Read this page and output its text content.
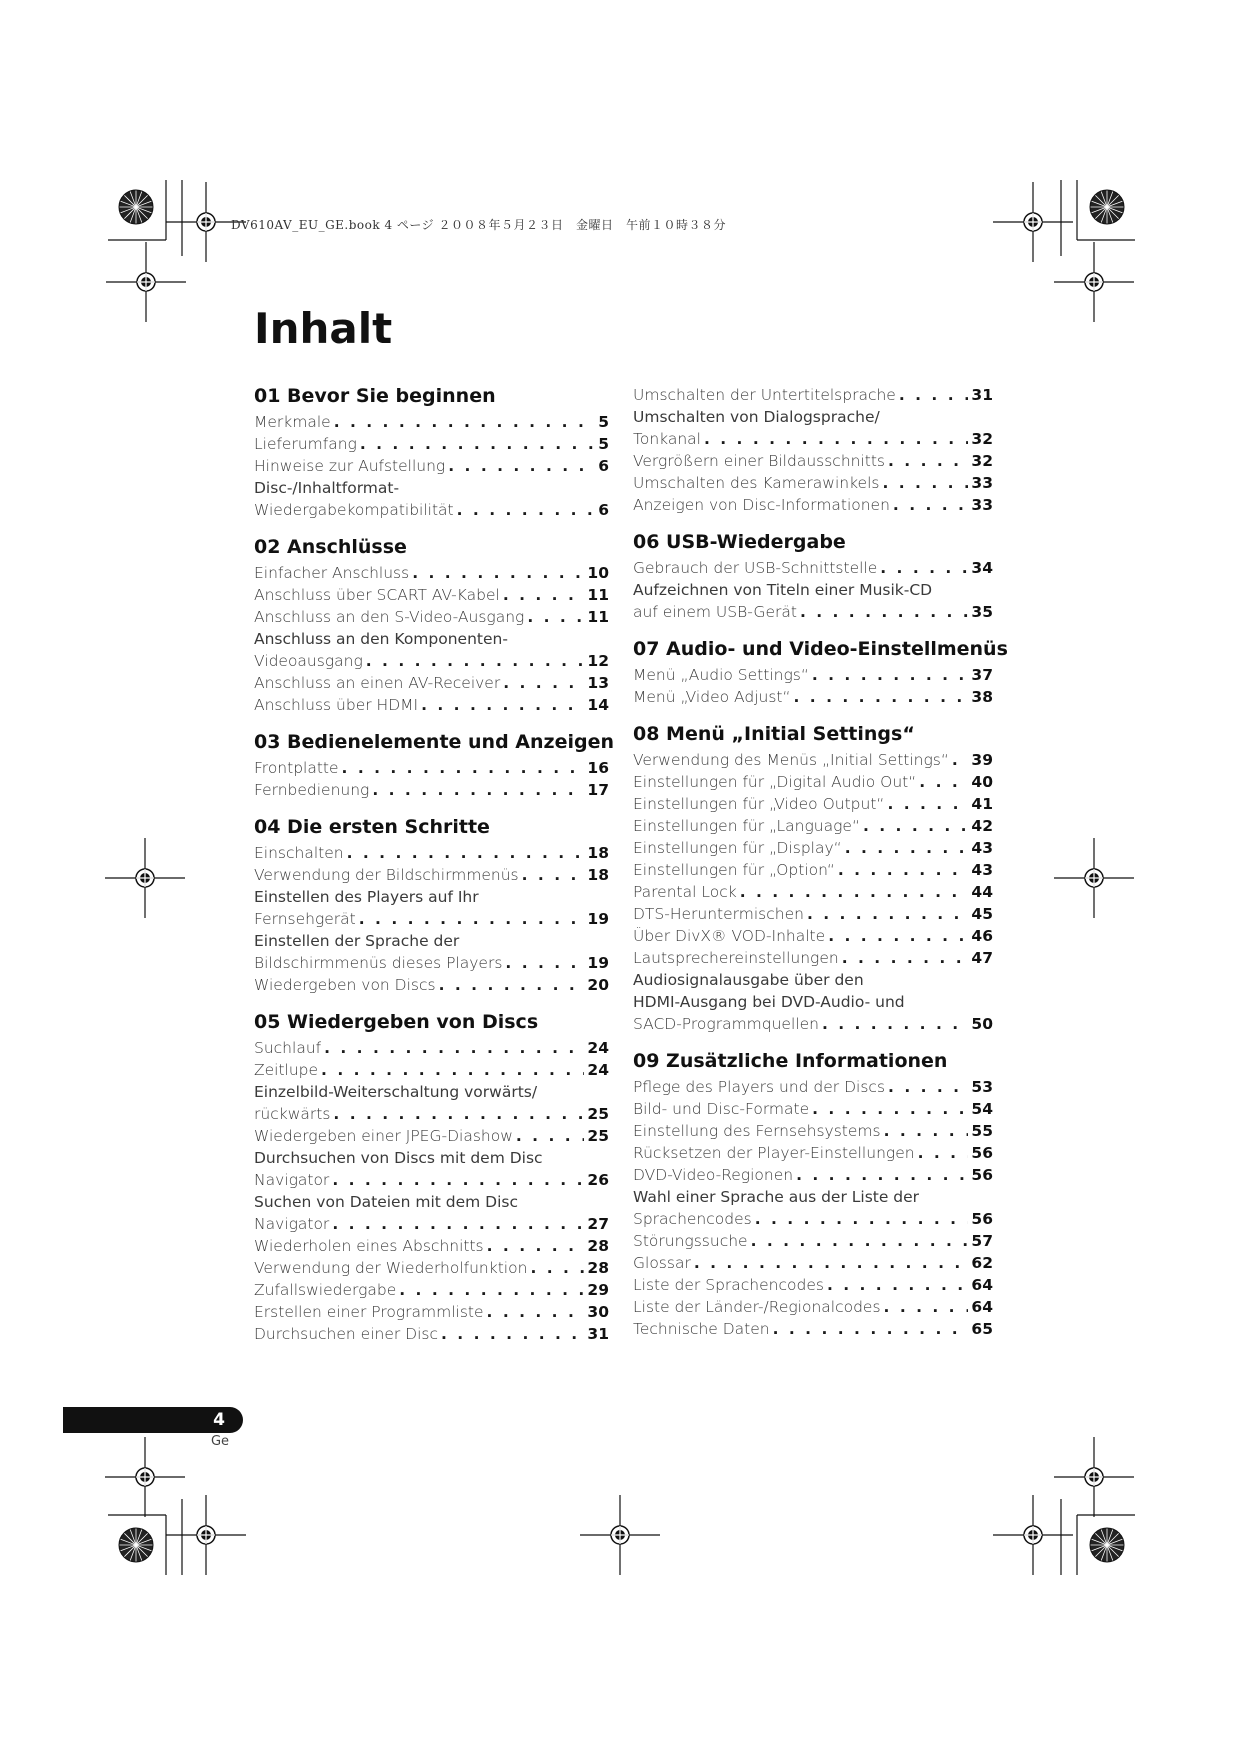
DV610AV_EU_GE.book 4 ページ ２００８年５月２３日　金曜日　午前１０時３８分
Inhalt
01 Bevor Sie beginnen
Merkmale . . .	5
Lieferumfang . . .	5
Hinweise zur Aufstellung . . .	6
Disc-/Inhaltformat-
Wiedergabekompatibilität . . .	6
02 Anschlüsse
Einfacher Anschluss . . .	10
Anschluss über SCART AV-Kabel . . .	11
Anschluss an den S-Video-Ausgang . . .	11
Anschluss an den Komponenten-
Videoausgang . . .	12
Anschluss an einen AV-Receiver . . .	13
Anschluss über HDMI . . .	14
03 Bedienelemente und Anzeigen
Frontplatte . . .	16
Fernbedienung . . .	17
04 Die ersten Schritte
Einschalten . . .	18
Verwendung der Bildschirmmenüs . . .	18
Einstellen des Players auf Ihr
Fernsehgerät . . .	19
Einstellen der Sprache der
Bildschirmmenüs dieses Players . . .	19
Wiedergeben von Discs . . .	20
05 Wiedergeben von Discs
Suchlauf . . .	24
Zeitlupe . . .	24
Einzelbild-Weiterschaltung vorwärts/
rückwärts . . .	25
Wiedergeben einer JPEG-Diashow . . .	25
Durchsuchen von Discs mit dem Disc
Navigator . . .	26
Suchen von Dateien mit dem Disc
Navigator . . .	27
Wiederholen eines Abschnitts . . .	28
Verwendung der Wiederholfunktion . . .	28
Zufallswiedergabe . . .	29
Erstellen einer Programmliste . . .	30
Durchsuchen einer Disc . . .	31
Umschalten der Untertitelsprache . . .	31
Umschalten von Dialogsprache/
Tonkanal . . .	32
Vergrößern einer Bildausschnitts . . .	32
Umschalten des Kamerawinkels . . .	33
Anzeigen von Disc-Informationen . . .	33
06 USB-Wiedergabe
Gebrauch der USB-Schnittstelle . . .	34
Aufzeichnen von Titeln einer Musik-CD
auf einem USB-Gerät . . .	35
07 Audio- und Video-Einstellmenüs
Menü „Audio Settings“ . . .	37
Menü „Video Adjust“ . . .	38
08 Menü „Initial Settings“
Verwendung des Menüs „Initial Settings“ . . . 39
Einstellungen für „Digital Audio Out“ . . .	40
Einstellungen für „Video Output“ . . .	41
Einstellungen für „Language“ . . .	42
Einstellungen für „Display“ . . .	43
Einstellungen für „Option“ . . .	43
Parental Lock . . .	44
DTS-Heruntermischen . . .	45
Über DivX® VOD-Inhalte . . .	46
Lautsprechereinstellungen . . .	47
Audiosignalausgabe über den
HDMI-Ausgang bei DVD-Audio- und
SACD-Programmquellen . . .	50
09 Zusätzliche Informationen
Pflege des Players und der Discs . . .	53
Bild- und Disc-Formate . . .	54
Einstellung des Fernsehsystems . . .	55
Rücksetzen der Player-Einstellungen . . .	56
DVD-Video-Regionen . . .	56
Wahl einer Sprache aus der Liste der
Sprachencodes . . .	56
Störungssuche . . .	57
Glossar . . .	62
Liste der Sprachencodes . . .	64
Liste der Länder-/Regionalcodes . . .	64
Technische Daten . . .	65
4
Ge
